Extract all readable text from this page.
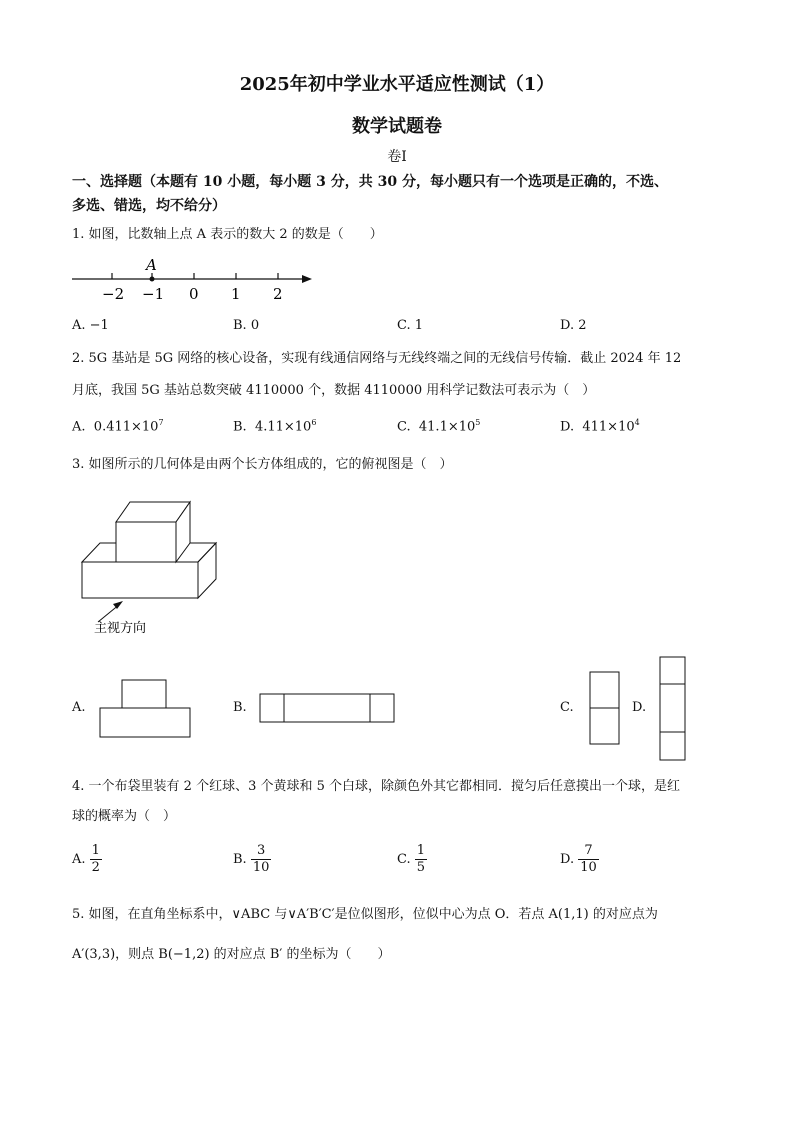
2025年初中学业水平适应性测试（1）
数学试题卷
卷Ⅰ
一、选择题（本题有 10 小题，每小题 3 分，共 30 分，每小题只有一个选项是正确的，不选、
多选、错选，均不给分）
1. 如图，比数轴上点 A 表示的数大 2 的数是（　　）
A
−2 −1 0 1 2
A. −1	B. 0	C. 1	D. 2
2. 5G 基站是 5G 网络的核心设备，实现有线通信网络与无线终端之间的无线信号传输．截止 2024 年 12
月底，我国 5G 基站总数突破 4110000 个，数据 4110000 用科学记数法可表示为（　）
A. $0.411\times 10^7$	B. $4.11\times 10^6$	C. $41.1\times 10^5$	D. $411\times 10^4$
3. 如图所示的几何体是由两个长方体组成的，它的俯视图是（　）
主视方向
A.	B.	C.	D.
4. 一个布袋里装有 2 个红球、3 个黄球和 5 个白球，除颜色外其它都相同．搅匀后任意摸出一个球，是红
球的概率为（　）
A. $\frac{1}{2}$	B. $\frac{3}{10}$	C. $\frac{1}{5}$	D. $\frac{7}{10}$
5. 如图，在直角坐标系中，∨ABC 与∨A′B′C′是位似图形，位似中心为点 O．若点 A(1,1) 的对应点为
A′(3,3)，则点 B(−1,2) 的对应点 B′ 的坐标为（　　）
